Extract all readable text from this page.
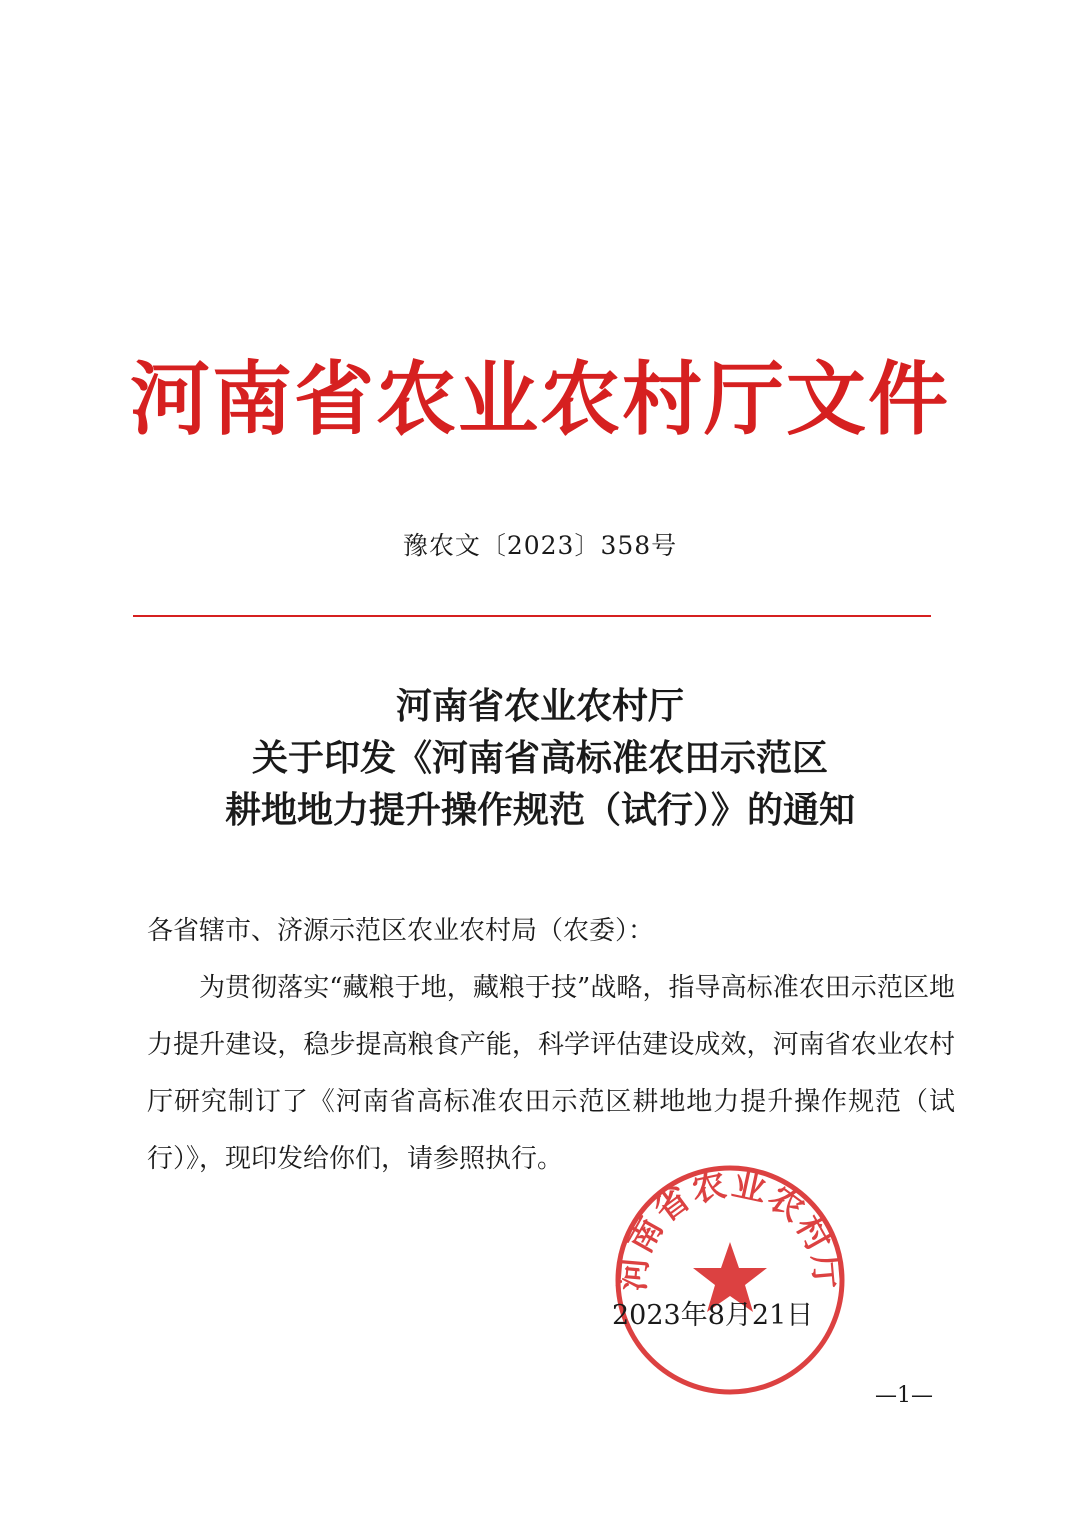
河南省农业农村厅文件
豫农文〔2023〕358号
河南省农业农村厅
关于印发《河南省高标准农田示范区
耕地地力提升操作规范（试行）》的通知
各省辖市、济源示范区农业农村局（农委）：
为贯彻落实“藏粮于地，藏粮于技”战略，指导高标准农田示范区地力提升建设，稳步提高粮食产能，科学评估建设成效，河南省农业农村厅研究制订了《河南省高标准农田示范区耕地地力提升操作规范（试行）》，现印发给你们，请参照执行。
河南省农业农村厅
2023年8月21日
—1—
